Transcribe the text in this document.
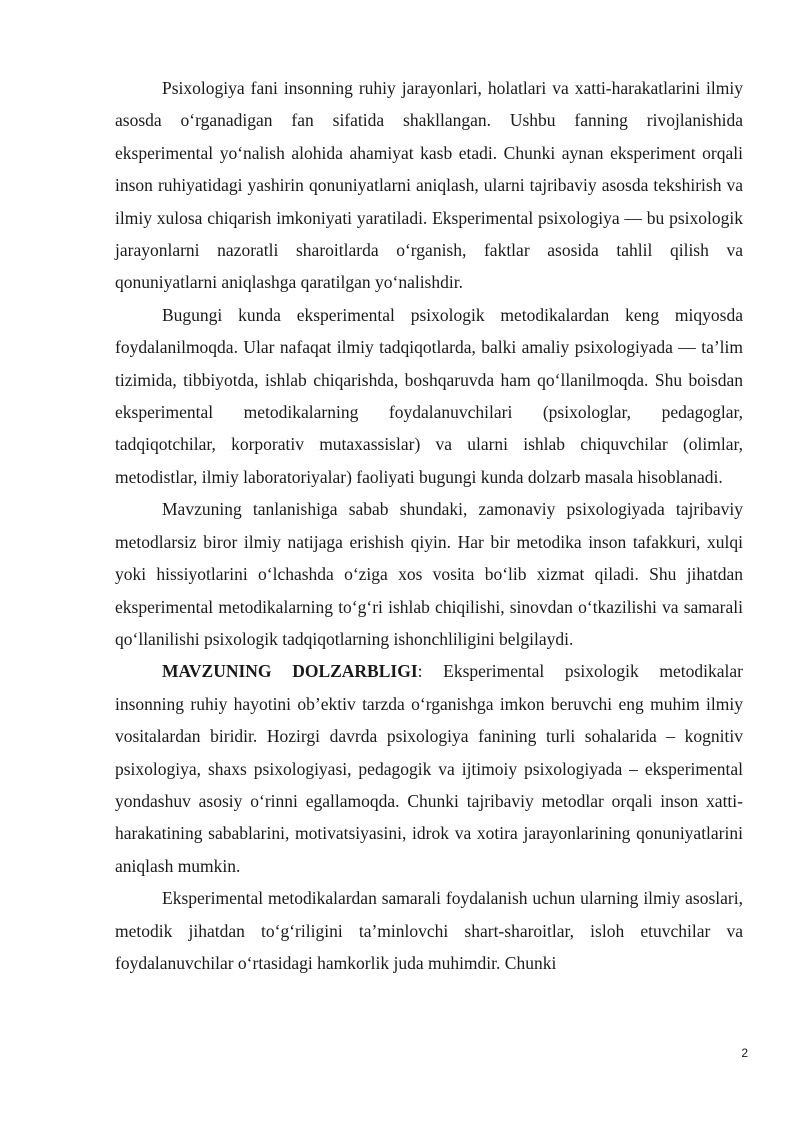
Psixologiya fani insonning ruhiy jarayonlari, holatlari va xatti-harakatlarini ilmiy asosda o‘rganadigan fan sifatida shakllangan. Ushbu fanning rivojlanishida eksperimental yo‘nalish alohida ahamiyat kasb etadi. Chunki aynan eksperiment orqali inson ruhiyatidagi yashirin qonuniyatlarni aniqlash, ularni tajribaviy asosda tekshirish va ilmiy xulosa chiqarish imkoniyati yaratiladi. Eksperimental psixologiya — bu psixologik jarayonlarni nazoratli sharoitlarda o‘rganish, faktlar asosida tahlil qilish va qonuniyatlarni aniqlashga qaratilgan yo‘nalishdir.

Bugungi kunda eksperimental psixologik metodikalardan keng miqyosda foydalanilmoqda. Ular nafaqat ilmiy tadqiqotlarda, balki amaliy psixologiyada — ta’lim tizimida, tibbiyotda, ishlab chiqarishda, boshqaruvda ham qo‘llanilmoqda. Shu boisdan eksperimental metodikalarning foydalanuvchilari (psixologlar, pedagoglar, tadqiqotchilar, korporativ mutaxassislar) va ularni ishlab chiquvchilar (olimlar, metodistlar, ilmiy laboratoriyalar) faoliyati bugungi kunda dolzarb masala hisoblanadi.

Mavzuning tanlanishiga sabab shundaki, zamonaviy psixologiyada tajribaviy metodlarsiz biror ilmiy natijaga erishish qiyin. Har bir metodika inson tafakkuri, xulqi yoki hissiyotlarini o‘lchashda o‘ziga xos vosita bo‘lib xizmat qiladi. Shu jihatdan eksperimental metodikalarning to‘g‘ri ishlab chiqilishi, sinovdan o‘tkazilishi va samarali qo‘llanilishi psixologik tadqiqotlarning ishonchliligini belgilaydi.

MAVZUNING DOLZARBLIGI: Eksperimental psixologik metodikalar insonning ruhiy hayotini ob’ektiv tarzda o‘rganishga imkon beruvchi eng muhim ilmiy vositalardan biridir. Hozirgi davrda psixologiya fanining turli sohalarida – kognitiv psixologiya, shaxs psixologiyasi, pedagogik va ijtimoiy psixologiyada – eksperimental yondashuv asosiy o‘rinni egallamoqda. Chunki tajribaviy metodlar orqali inson xatti-harakatining sabablarini, motivatsiyasini, idrok va xotira jarayonlarining qonuniyatlarini aniqlash mumkin.

Eksperimental metodikalardan samarali foydalanish uchun ularning ilmiy asoslari, metodik jihatdan to‘g‘riligini ta’minlovchi shart-sharoitlar, isloh etuvchilar va foydalanuvchilar o‘rtasidagi hamkorlik juda muhimdir. Chunki

2
